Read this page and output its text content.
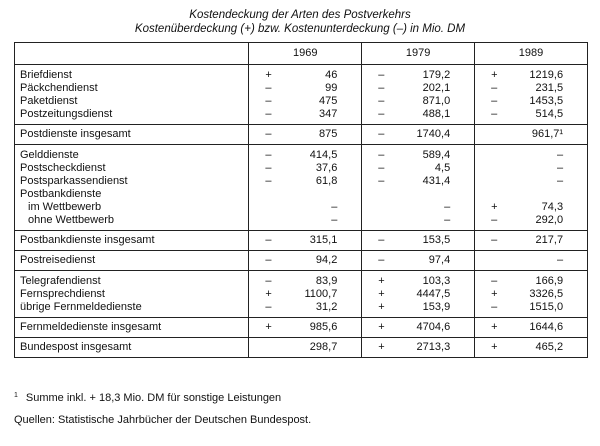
Kostendeckung der Arten des Postverkehrs
Kostenüberdeckung (+) bzw. Kostenunterdeckung (–) in Mio. DM
	1969	1979	1989
Briefdienst	+ 46	– 179,2	+ 1219,6
Päckchendienst	– 99	– 202,1	– 231,5
Paketdienst	– 475	– 871,0	– 1453,5
Postzeitungsdienst	– 347	– 488,1	– 514,5
Postdienste insgesamt	– 875	– 1740,4	961,7¹
Gelddienste	– 414,5	– 589,4	–
Postscheckdienst	– 37,6	– 4,5	–
Postsparkassendienst	– 61,8	– 431,4	–
Postbankdienste			
im Wettbewerb	–	–	+ 74,3
ohne Wettbewerb	–	–	– 292,0
Postbankdienste insgesamt	– 315,1	– 153,5	– 217,7
Postreisedienst	– 94,2	– 97,4	–
Telegrafendienst	– 83,9	+ 103,3	– 166,9
Fernsprechdienst	+ 1100,7	+ 4447,5	+ 3326,5
übrige Fernmeldedienste	– 31,2	+ 153,9	– 1515,0
Fernmeldedienste insgesamt	+ 985,6	+ 4704,6	+ 1644,6
Bundespost insgesamt	298,7	+ 2713,3	+ 465,2
$^1$ Summe inkl. + 18,3 Mio. DM für sonstige Leistungen
Quellen: Statistische Jahrbücher der Deutschen Bundespost.
